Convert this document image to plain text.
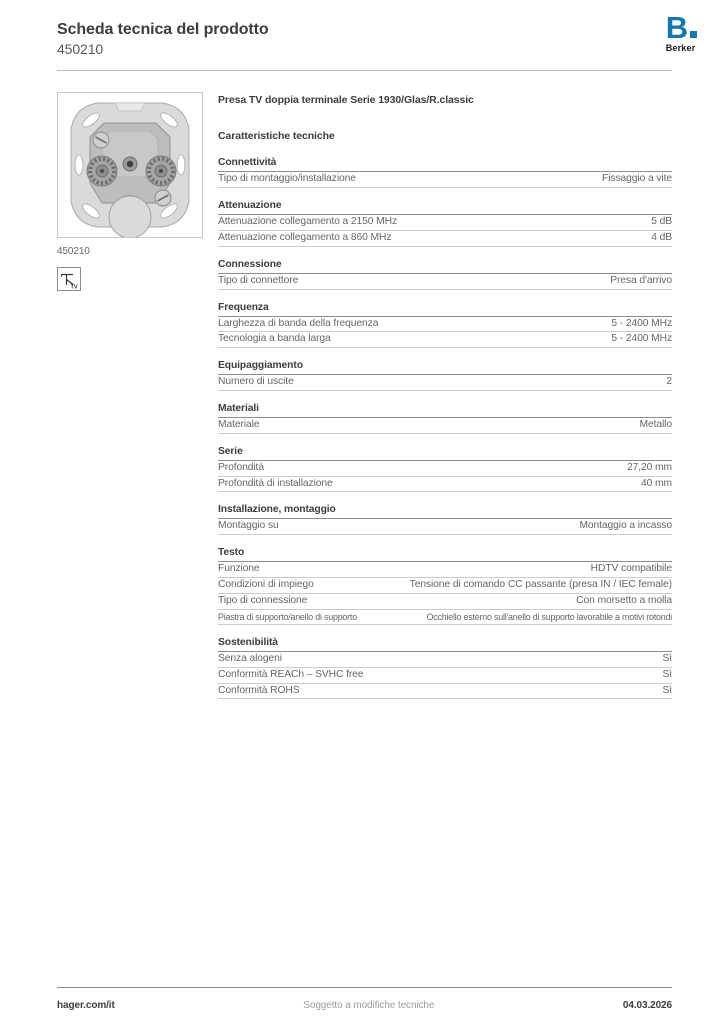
Scheda tecnica del prodotto
450210
B
Berker
450210
TV
Presa TV doppia terminale Serie 1930/Glas/R.classic
Caratteristiche tecniche
Connettività
Tipo di montaggio/installazione	Fissaggio a vite
Attenuazione
Attenuazione collegamento a 2150 MHz	5 dB
Attenuazione collegamento a 860 MHz	4 dB
Connessione
Tipo di connettore	Presa d'arrivo
Frequenza
Larghezza di banda della frequenza	5 - 2400 MHz
Tecnologia a banda larga	5 - 2400 MHz
Equipaggiamento
Numero di uscite	2
Materiali
Materiale	Metallo
Serie
Profondità	27,20 mm
Profondità di installazione	40 mm
Installazione, montaggio
Montaggio su	Montaggio a incasso
Testo
Funzione	HDTV compatibile
Condizioni di impiego	Tensione di comando CC passante (presa IN / IEC female)
Tipo di connessione	Con morsetto a molla
Piastra di supporto/anello di supporto	Occhiello esterno sull'anello di supporto lavorabile a motivi rotondi
Sostenibilità
Senza alogeni	Sì
Conformità REACh – SVHC free	Sì
Conformità ROHS	Sì
hager.com/it	Soggetto a modifiche tecniche	04.03.2026
